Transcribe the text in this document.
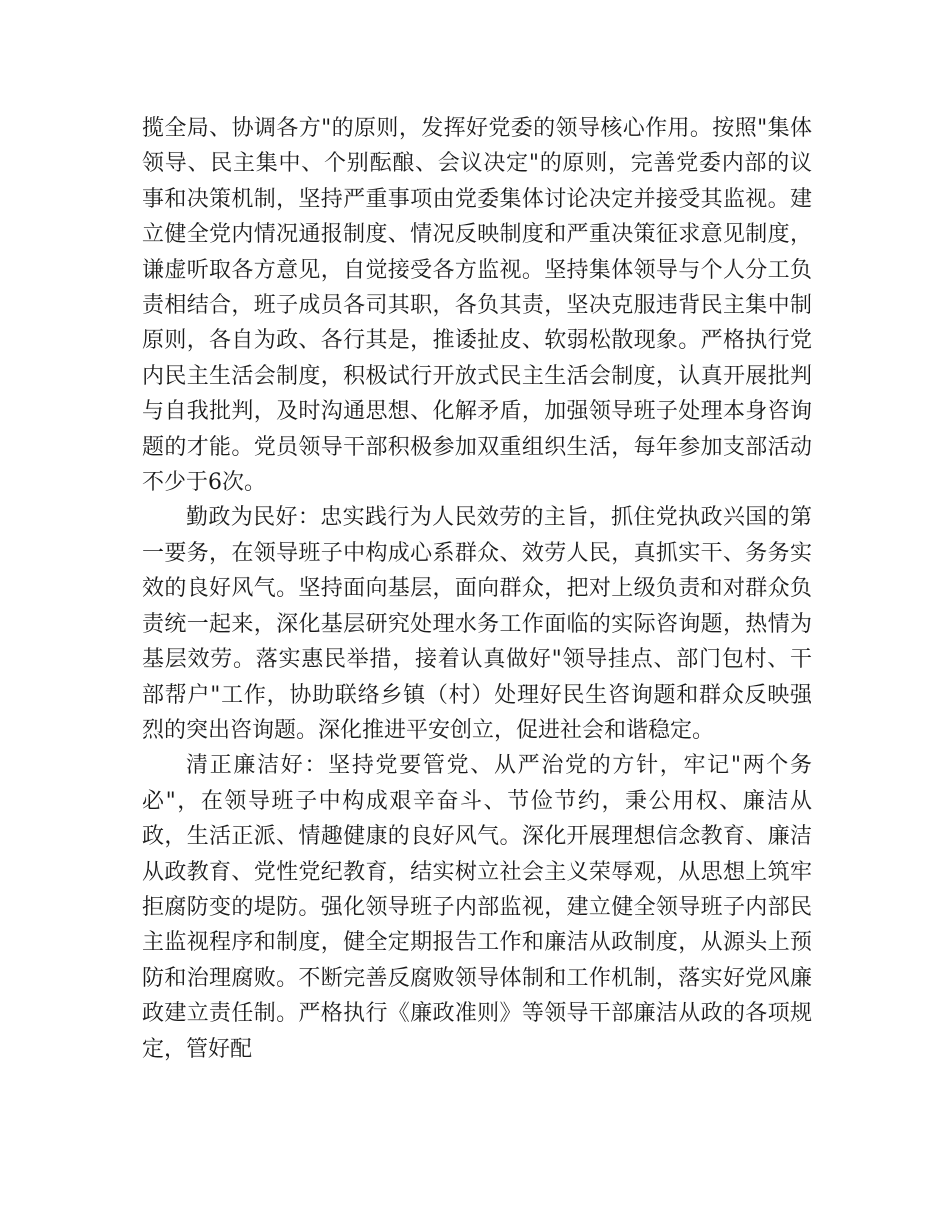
揽全局、协调各方"的原则，发挥好党委的领导核心作用。按照"集体领导、民主集中、个别酝酿、会议决定"的原则，完善党委内部的议事和决策机制，坚持严重事项由党委集体讨论决定并接受其监视。建立健全党内情况通报制度、情况反映制度和严重决策征求意见制度，谦虚听取各方意见，自觉接受各方监视。坚持集体领导与个人分工负责相结合，班子成员各司其职，各负其责，坚决克服违背民主集中制原则，各自为政、各行其是，推诿扯皮、软弱松散现象。严格执行党内民主生活会制度，积极试行开放式民主生活会制度，认真开展批判与自我批判，及时沟通思想、化解矛盾，加强领导班子处理本身咨询题的才能。党员领导干部积极参加双重组织生活，每年参加支部活动不少于6次。

勤政为民好：忠实践行为人民效劳的主旨，抓住党执政兴国的第一要务，在领导班子中构成心系群众、效劳人民，真抓实干、务务实效的良好风气。坚持面向基层，面向群众，把对上级负责和对群众负责统一起来，深化基层研究处理水务工作面临的实际咨询题，热情为基层效劳。落实惠民举措，接着认真做好"领导挂点、部门包村、干部帮户"工作，协助联络乡镇（村）处理好民生咨询题和群众反映强烈的突出咨询题。深化推进平安创立，促进社会和谐稳定。

清正廉洁好：坚持党要管党、从严治党的方针，牢记"两个务必"，在领导班子中构成艰辛奋斗、节俭节约，秉公用权、廉洁从政，生活正派、情趣健康的良好风气。深化开展理想信念教育、廉洁从政教育、党性党纪教育，结实树立社会主义荣辱观，从思想上筑牢拒腐防变的堤防。强化领导班子内部监视，建立健全领导班子内部民主监视程序和制度，健全定期报告工作和廉洁从政制度，从源头上预防和治理腐败。不断完善反腐败领导体制和工作机制，落实好党风廉政建立责任制。严格执行《廉政准则》等领导干部廉洁从政的各项规定，管好配
